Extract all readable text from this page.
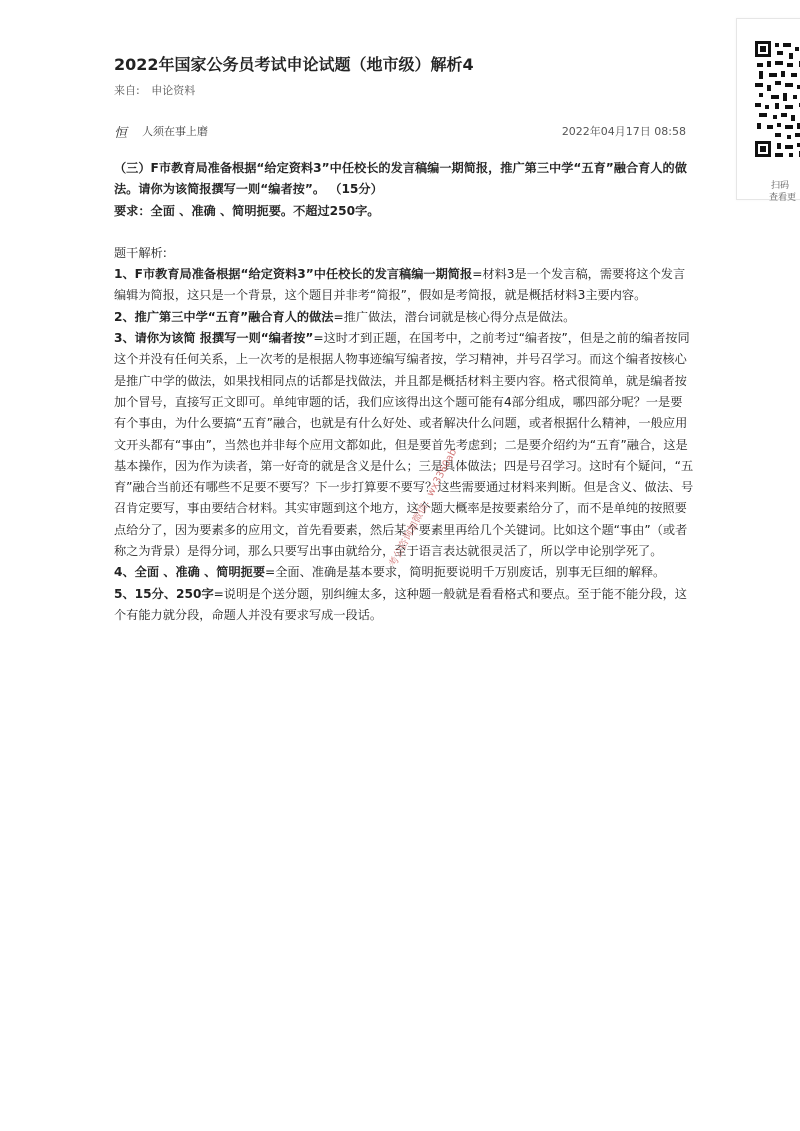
2022年国家公务员考试申论试题（地市级）解析4
来自: 申论资料
恒 人须在事上磨	2022年04月17日 08:58

（三）F市教育局准备根据“给定资料3”中任校长的发言稿编一期简报，推广第三中学“五育”融合育人的做法。请你为该简报撰写一则“编者按”。 （15分）

要求：全面 、准确 、简明扼要。不超过250字。

题干解析:

1、F市教育局准备根据“给定资料3”中任校长的发言稿编一期简报=材料3是一个发言稿，需要将这个发言编辑为简报，这只是一个背景，这个题目并非考“简报”，假如是考简报，就是概括材料3主要内容。

2、推广第三中学“五育”融合育人的做法=推广做法，潜台词就是核心得分点是做法。

3、请你为该简 报撰写一则“编者按”=这时才到正题，在国考中，之前考过“编者按”，但是之前的编者按同这个并没有任何关系，上一次考的是根据人物事迹编写编者按，学习精神，并号召学习。而这个编者按核心是推广中学的做法，如果找相同点的话都是找做法，并且都是概括材料主要内容。格式很简单，就是编者按加个冒号，直接写正文即可。单纯审题的话，我们应该得出这个题可能有4部分组成，哪四部分呢？一是要有个事由，为什么要搞“五育”融合，也就是有什么好处、或者解决什么问题，或者根据什么精神，一般应用文开头都有“事由”，当然也并非每个应用文都如此，但是要首先考虑到；二是要介绍约为“五育”融合，这是基本操作，因为作为读者，第一好奇的就是含义是什么；三是具体做法；四是号召学习。这时有个疑问，“五育”融合当前还有哪些不足要不要写？下一步打算要不要写？这些需要通过材料来判断。但是含义、做法、号召肯定要写，事由要结合材料。其实审题到这个地方，这个题大概率是按要素给分了，而不是单纯的按照要点给分了，因为要素多的应用文，首先看要素，然后某个要素里再给几个关键词。比如这个题“事由”（或者称之为背景）是得分词，那么只要写出事由就给分，至于语言表达就很灵活了，所以学申论别学死了。

4、全面 、准确 、简明扼要=全面、准确是基本要求，简明扼要说明千万别废话，别事无巨细的解释。

5、15分、250字=说明是个送分题，别纠缠太多，这种题一般就是看看格式和要点。至于能不能分段，这个有能力就分段，命题人并没有要求写成一段话。

扫码
查看更
考公咨询加微信：wx3360ab
